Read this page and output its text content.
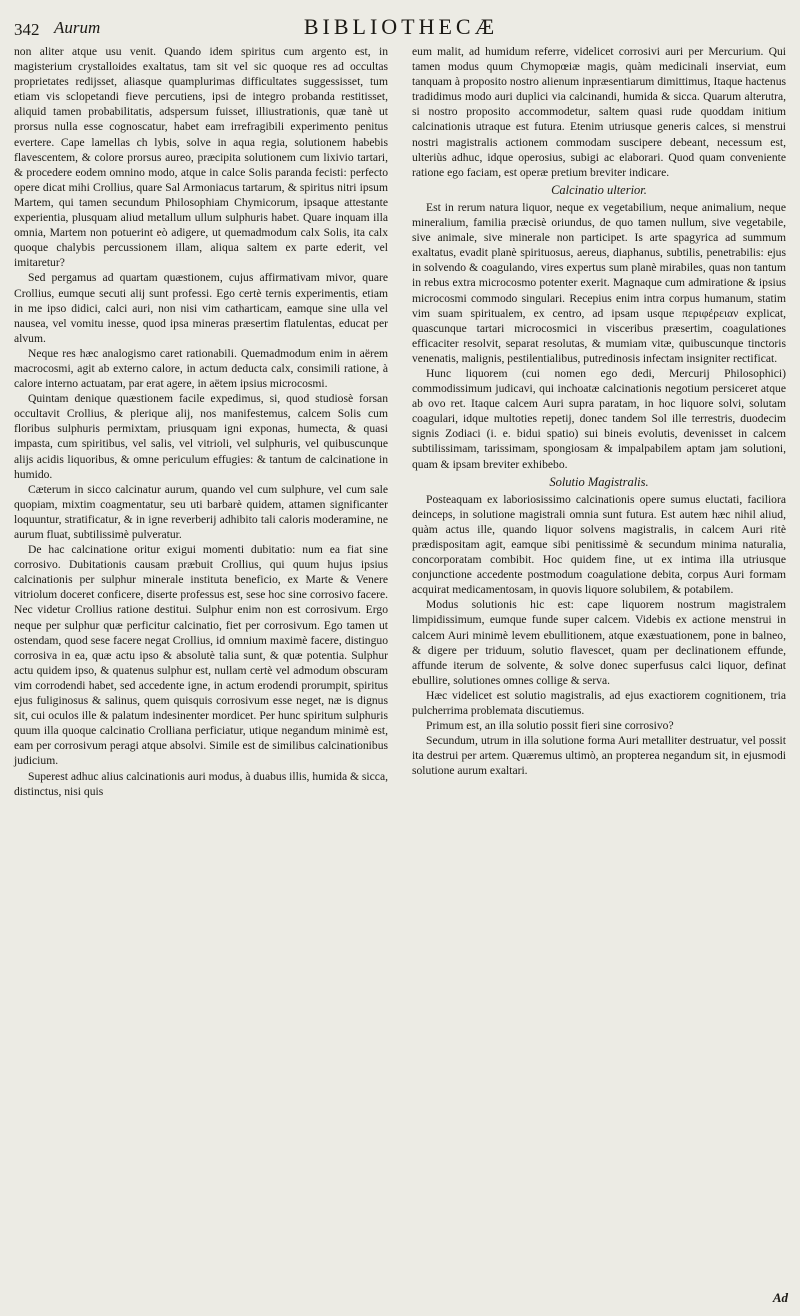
342 Aurum	BIBLIOTHECÆ

non aliter atque usu venit. Quando idem spiritus cum argento est, in magisterium crystalloides exaltatus, tam sit vel sic quoque res ad occultas proprietates redijsset, aliasque quamplurimas difficultates suggessisset, tum etiam vis sclopetandi fieve percutiens, ipsi de integro probanda restitisset, aliquid tamen probabilitatis, adspersum fuisset, illiustrationis, quæ tanè ut prorsus nulla esse cognoscatur, habet eam irrefragibili experimento penitus evertere. Cape lamellas ch lybis, solve in aqua regia, solutionem habebis flavescentem, & colore prorsus aureo, præcipita solutionem cum lixivio tartari, & procedere eodem omnino modo, atque in calce Solis paranda fecisti: perfecto opere dicat mihi Crollius, quare Sal Armoniacus tartarum, & spiritus nitri ipsum Martem, qui tamen secundum Philosophiam Chymicorum, ipsaque attestante experientia, plusquam aliud metallum ullum sulphuris habet. Quare inquam illa omnia, Martem non potuerint eò adigere, ut quemadmodum calx Solis, ita calx quoque chalybis percussionem illam, aliqua saltem ex parte ederit, vel imitaretur?

Sed pergamus ad quartam quæstionem, cujus affirmativam mivor, quare Crollius, eumque secuti alij sunt professi. Ego certè ternis experimentis, etiam in me ipso didici, calci auri, non nisi vim catharticam, eamque sine ulla vel nausea, vel vomitu inesse, quod ipsa mineras præsertim flatulentas, educat per alvum.

Neque res hæc analogismo caret rationabili. Quemadmodum enim in aërem macrocosmi, agit ab externo calore, in actum deducta calx, consimili ratione, à calore interno actuatam, par erat agere, in aëtem ipsius microcosmi.

Quintam denique quæstionem facile expedimus, si, quod studiosè forsan occultavit Crollius, & plerique alij, nos manifestemus, calcem Solis cum floribus sulphuris permixtam, priusquam igni exponas, humecta, & quasi impasta, cum spiritibus, vel salis, vel vitrioli, vel sulphuris, vel quibuscunque alijs acidis liquoribus, & omne periculum effugies: & tantum de calcinatione in humido.

Cæterum in sicco calcinatur aurum, quando vel cum sulphure, vel cum sale quopiam, mixtim coagmentatur, seu uti barbarè quidem, attamen significanter loquuntur, stratificatur, & in igne reverberij adhibito tali caloris moderamine, ne aurum fluat, subtilissimè pulveratur.

De hac calcinatione oritur exigui momenti dubitatio: num ea fiat sine corrosivo. Dubitationis causam præbuit Crollius, qui quum hujus ipsius calcinationis per sulphur minerale instituta beneficio, ex Marte & Venere vitriolum doceret conficere, diserte professus est, sese hoc sine corrosivo facere. Nec videtur Crollius ratione destitui. Sulphur enim non est corrosivum. Ergo neque per sulphur quæ perficitur calcinatio, fiet per corrosivum. Ego tamen ut ostendam, quod sese facere negat Crollius, id omnium maximè facere, distinguo corrosiva in ea, quæ actu ipso & absolutè talia sunt, & quæ potentia. Sulphur actu quidem ipso, & quatenus sulphur est, nullam certè vel admodum obscuram vim corrodendi habet, sed accedente igne, in actum erodendi prorumpit, spiritus ejus fuliginosus & salinus, quem quisquis corrosivum esse neget, næ is dignus sit, cui oculos ille & palatum indesinenter mordicet. Per hunc spiritum sulphuris quum illa quoque calcinatio Crolliana perficiatur, utique negandum minimè est, eam per corrosivum peragi atque absolvi. Simile est de similibus calcinationibus judicium.

Superest adhuc alius calcinationis auri modus, à duabus illis, humida & sicca, distinctus, nisi quis

eum malit, ad humidum referre, videlicet corrosivi auri per Mercurium. Qui tamen modus quum Chymopœiæ magis, quàm medicinali inserviat, eum tanquam à proposito nostro alienum inpræsentiarum dimittimus, Itaque hactenus tradidimus modo auri duplici via calcinandi, humida & sicca. Quarum alterutra, si nostro proposito accommodetur, saltem quasi rude quoddam initium calcinationis utraque est futura. Etenim utriusque generis calces, si menstrui nostri magistralis actionem commodam suscipere debeant, necessum est, ulteriùs adhuc, idque operosius, subigi ac elaborari. Quod quam conveniente ratione ego faciam, est operæ pretium breviter indicare.

Calcinatio ulterior.

Est in rerum natura liquor, neque ex vegetabilium, neque animalium, neque mineralium, familia præcisè oriundus, de quo tamen nullum, sive vegetabile, sive animale, sive minerale non participet. Is arte spagyrica ad summum exaltatus, evadit planè spirituosus, aereus, diaphanus, subtilis, penetrabilis: ejus in solvendo & coagulando, vires expertus sum planè mirabiles, quas non tantum in rebus extra microcosmo potenter exerit. Magnaque cum admiratione & ipsius microcosmi commodo singulari. Recepius enim intra corpus humanum, statim vim suam spiritualem, ex centro, ad ipsam usque περιφέρειαν explicat, quascunque tartari microcosmici in visceribus præsertim, coagulationes efficaciter resolvit, separat resolutas, & mumiam vitæ, quibuscunque tinctoris venenatis, malignis, pestilentialibus, putredinosis infectam insigniter rectificat.

Hunc liquorem (cui nomen ego dedi, Mercurij Philosophici) commodissimum judicavi, qui inchoatæ calcinationis negotium persiceret atque ab ovo ret. Itaque calcem Auri supra paratam, in hoc liquore solvi, solutam coagulari, idque multoties repetij, donec tandem Sol ille terrestris, duodecim signis Zodiaci (i. e. bidui spatio) sui bineis evolutis, devenisset in calcem subtilissimam, tarissimam, spongiosam & impalpabilem aptam jam solutioni, quam & ipsam breviter exhibebo.

Solutio Magistralis.

Posteaquam ex laboriosissimo calcinationis opere sumus eluctati, faciliora deinceps, in solutione magistrali omnia sunt futura. Est autem hæc nihil aliud, quàm actus ille, quando liquor solvens magistralis, in calcem Auri ritè prædispositam agit, eamque sibi penitissimè & secundum minima naturalia, concorporatam combibit. Hoc quidem fine, ut ex intima illa utriusque conjunctione accedente postmodum coagulatione debita, corpus Auri formam acquirat medicamentosam, in quovis liquore solubilem, & potabilem.

Modus solutionis hic est: cape liquorem nostrum magistralem limpidissimum, eumque funde super calcem. Videbis ex actione menstrui in calcem Auri minimè levem ebullitionem, atque exæstuationem, pone in balneo, & digere per triduum, solutio flavescet, quam per declinationem effunde, affunde iterum de solvente, & solve donec superfusus calci liquor, definat ebullire, solutiones omnes collige & serva.

Hæc videlicet est solutio magistralis, ad ejus exactiorem cognitionem, tria pulcherrima problemata discutiemus.

Primum est, an illa solutio possit fieri sine corrosivo?

Secundum, utrum in illa solutione forma Auri metalliter destruatur, vel possit ita destrui per artem. Quæremus ultimò, an propterea negandum sit, in ejusmodi solutione aurum exaltari.

Ad
